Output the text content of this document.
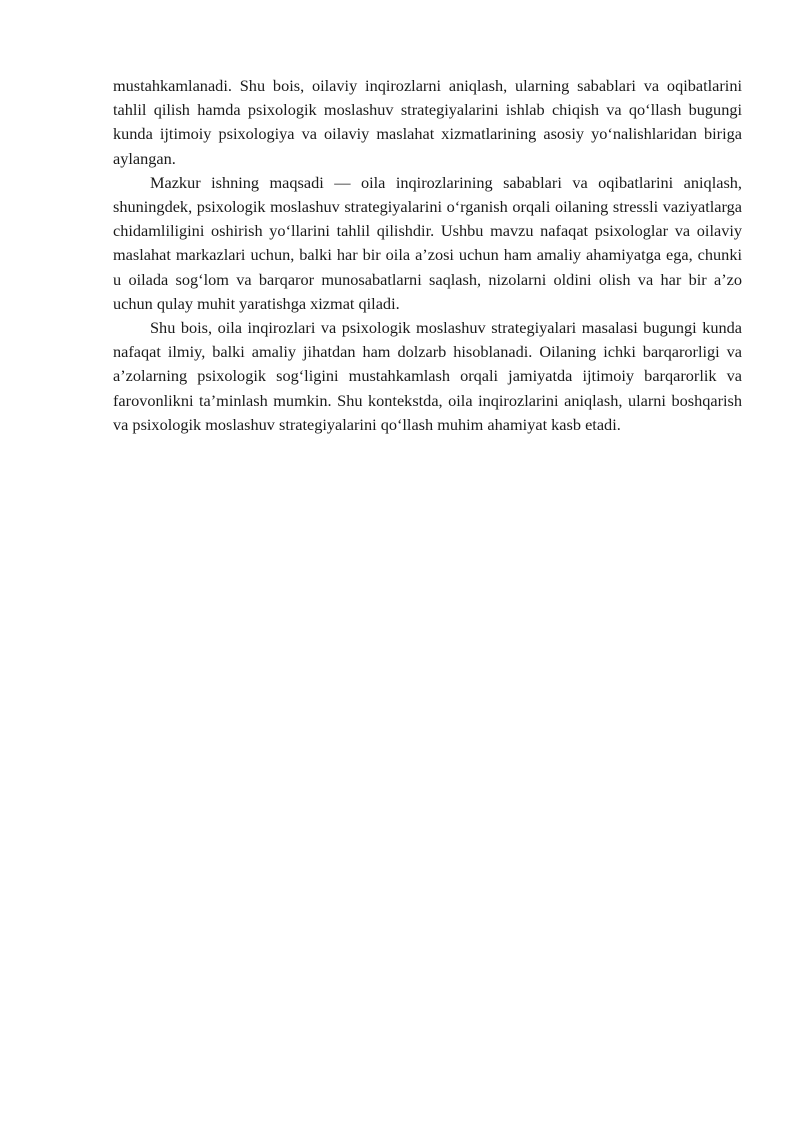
mustahkamlanadi. Shu bois, oilaviy inqirozlarni aniqlash, ularning sabablari va oqibatlarini tahlil qilish hamda psixologik moslashuv strategiyalarini ishlab chiqish va qo‘llash bugungi kunda ijtimoiy psixologiya va oilaviy maslahat xizmatlarining asosiy yo‘nalishlaridan biriga aylangan.

Mazkur ishning maqsadi — oila inqirozlarining sabablari va oqibatlarini aniqlash, shuningdek, psixologik moslashuv strategiyalarini o‘rganish orqali oilaning stressli vaziyatlarga chidamliligini oshirish yo‘llarini tahlil qilishdir. Ushbu mavzu nafaqat psixologlar va oilaviy maslahat markazlari uchun, balki har bir oila a’zosi uchun ham amaliy ahamiyatga ega, chunki u oilada sog‘lom va barqaror munosabatlarni saqlash, nizolarni oldini olish va har bir a’zo uchun qulay muhit yaratishga xizmat qiladi.

Shu bois, oila inqirozlari va psixologik moslashuv strategiyalari masalasi bugungi kunda nafaqat ilmiy, balki amaliy jihatdan ham dolzarb hisoblanadi. Oilaning ichki barqarorligi va a’zolarning psixologik sog‘ligini mustahkamlash orqali jamiyatda ijtimoiy barqarorlik va farovonlikni ta’minlash mumkin. Shu kontekstda, oila inqirozlarini aniqlash, ularni boshqarish va psixologik moslashuv strategiyalarini qo‘llash muhim ahamiyat kasb etadi.
